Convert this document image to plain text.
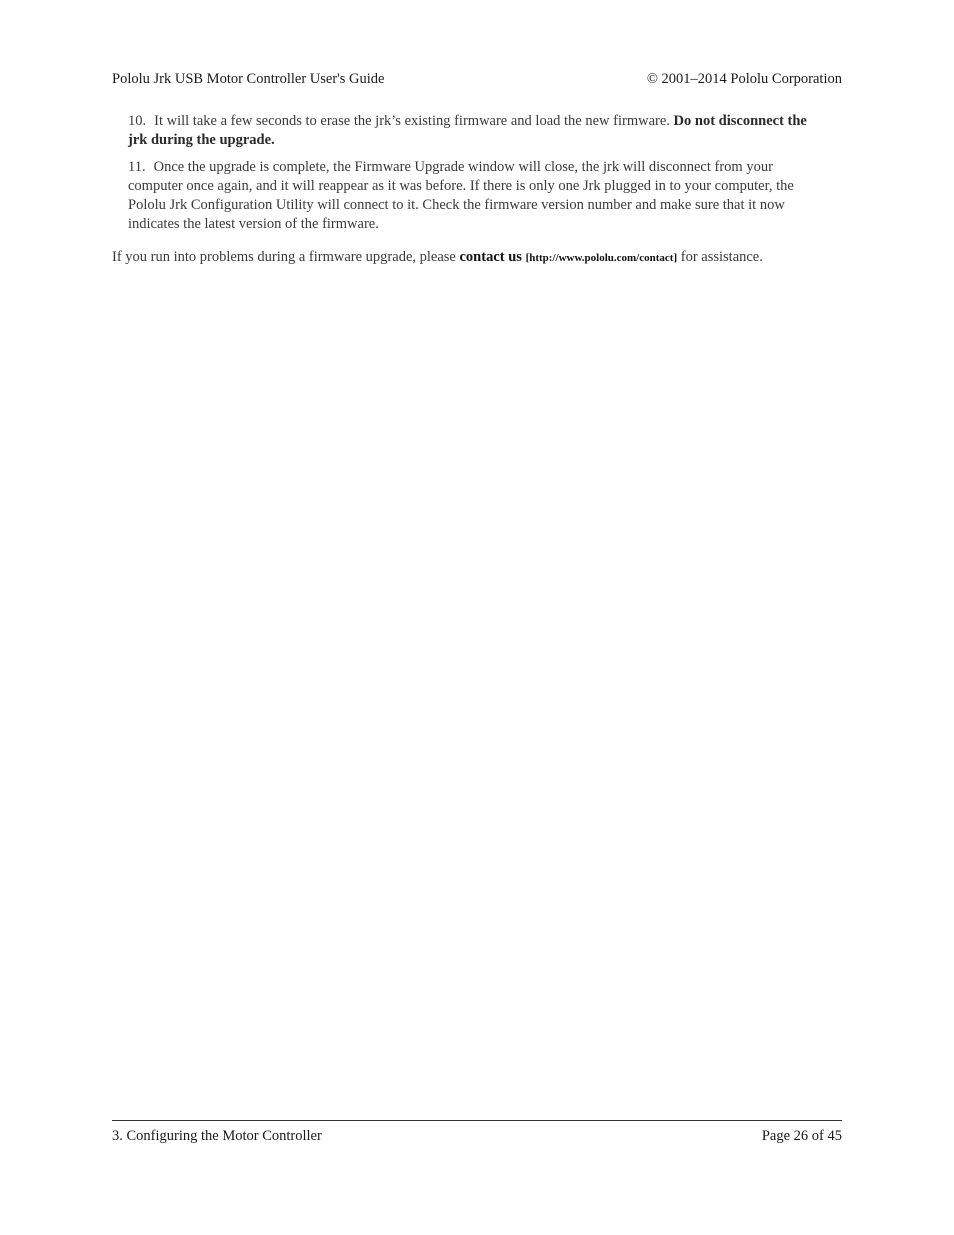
Pololu Jrk USB Motor Controller User's Guide	© 2001–2014 Pololu Corporation
10. It will take a few seconds to erase the jrk’s existing firmware and load the new firmware. Do not disconnect the jrk during the upgrade.
11. Once the upgrade is complete, the Firmware Upgrade window will close, the jrk will disconnect from your computer once again, and it will reappear as it was before. If there is only one Jrk plugged in to your computer, the Pololu Jrk Configuration Utility will connect to it. Check the firmware version number and make sure that it now indicates the latest version of the firmware.

If you run into problems during a firmware upgrade, please contact us [http://www.pololu.com/contact] for assistance.

3. Configuring the Motor Controller	Page 26 of 45
